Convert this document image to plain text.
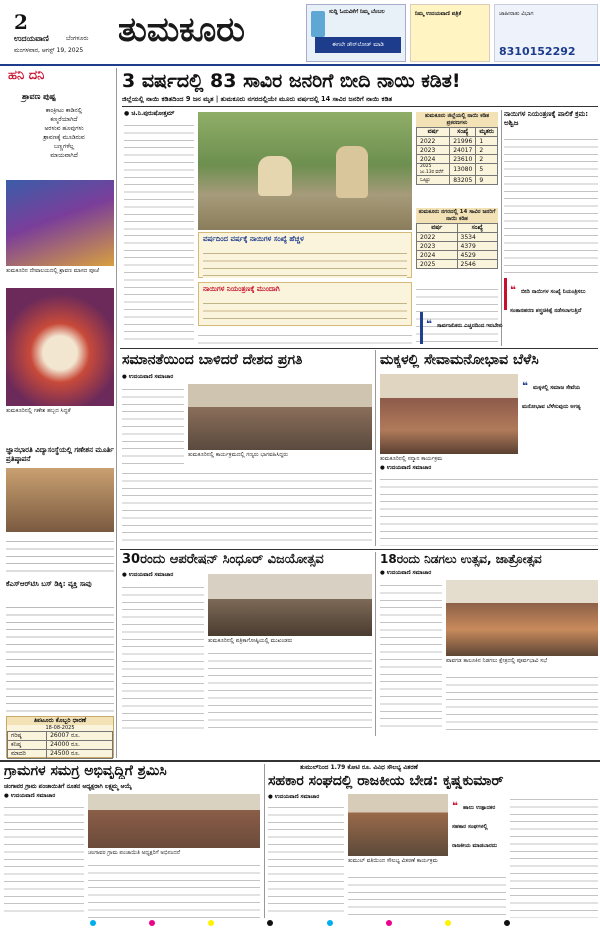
2
ಉದಯವಾಣಿ	ಬೆಂಗಳೂರು
ಮಂಗಳವಾರ, ಆಗಸ್ಟ್ 19, 2025
ತುಮಕೂರು	ಸುದ್ದಿ ಓದುವಿಕೆಗೆ ನಿಮ್ಮ ಬೆಂಬಲ
ಈಗಲೇ ಡೌನ್‌ಲೋಡ್ ಮಾಡಿ
ನಿಮ್ಮ ಉದಯವಾಣಿ ಪತ್ರಿಕೆ	ಜಾಹೀರಾತು ವಿಭಾಗ
8310152292
ಹನಿ ದನಿ
ಶ್ರಾವಣ ಪುಷ್ಪ
ಕಾಂಕ್ರೀಟು ಕಾಡಿನಲ್ಲಿ
ಕಣ್ಮರೆಯಾಗಿದೆ
ಅರಳುವ ಹೂವುಗಳು
ಶ್ರಾವಣಕ್ಕೆ ಮೂಡಿರುವ
ಬಣ್ಣಗಳೆಲ್ಲ
ಮಾಯವಾಗಿದೆ
ತುಮಕೂರಿನ ದೇವಾಲಯದಲ್ಲಿ ಶ್ರಾವಣ ಮಾಸದ ಪೂಜೆ
ತುಮಕೂರಿನಲ್ಲಿ ಗಣೇಶ ಹಬ್ಬದ ಸಿದ್ಧತೆ
ಜ್ಞಾನಭಾರತಿ ವಿದ್ಯಾಸಂಸ್ಥೆಯಲ್ಲಿ ಗಣೇಶನ ಮೂರ್ತಿ ಪ್ರತಿಷ್ಠಾಪನೆ
ಕೆಎಸ್‌ಆರ್‌ಟಿಸಿ ಬಸ್ ಡಿಕ್ಕಿ: ವ್ಯಕ್ತಿ ಸಾವು
ತಿಪಟೂರು ಕೊಬ್ಬರಿ ಧಾರಣೆ
18-08-2025
ಗರಿಷ್ಠ	26007 ರೂ.
ಕನಿಷ್ಠ	24000 ರೂ.
ಮಾದರಿ	24500 ರೂ.
3 ವರ್ಷದಲ್ಲಿ 83 ಸಾವಿರ ಜನರಿಗೆ ಬೀದಿ ನಾಯಿ ಕಡಿತ!
ಜಿಲ್ಲೆಯಲ್ಲಿ ನಾಯಿ ಕಡಿತದಿಂದ 9 ಜನ ಮೃತ | ತುಮಕೂರು ನಗರದಲ್ಲಿಯೇ ಮೂರು ವರ್ಷದಲ್ಲಿ 14 ಸಾವಿರ ಜನರಿಗೆ ನಾಯಿ ಕಡಿತ
● ಚಿ.ನಿ.ಪುರುಷೋತ್ತಮ್
ವರ್ಷದಿಂದ ವರ್ಷಕ್ಕೆ ನಾಯಿಗಳ ಸಂಖ್ಯೆ ಹೆಚ್ಚಳ
ನಾಯಿಗಳ ನಿಯಂತ್ರಣಕ್ಕೆ ಮುಂದಾಗಿ
ತುಮಕೂರು ಜಿಲ್ಲೆಯಲ್ಲಿ ನಾಯಿ ಕಡಿತ ಪ್ರಕರಣಗಳು
ವರ್ಷ	ಸಂಖ್ಯೆ	ಮೃತರು
2022	21996	1
2023	24017	2
2024	23610	2
2025 ಜು.13ರ ವರೆಗೆ	13080	5
ಒಟ್ಟು	83205	9
ತುಮಕೂರು ನಗರದಲ್ಲಿ 14 ಸಾವಿರ ಜನರಿಗೆ ನಾಯಿ ಕಡಿತ
ವರ್ಷ	ಸಂಖ್ಯೆ
2022	3534
2023	4379
2024	4529
2025	2546
ನಾಯಿಗಳ ನಿಯಂತ್ರಣಕ್ಕೆ ಪಾಲಿಕೆ ಕ್ರಮ: ಅಶ್ವಿಜ
❝ ಬೀದಿ ನಾಯಿಗಳ ಸಂಖ್ಯೆ ನಿಯಂತ್ರಿಸಲು ಸಂತಾನಹರಣ ಶಸ್ತ್ರಚಿಕಿತ್ಸೆ ನಡೆಸಲಾಗುತ್ತಿದೆ
❝ ಸಾರ್ವಜನಿಕರು ಎಚ್ಚರದಿಂದ ಇರಬೇಕು
ಸಮಾನತೆಯಿಂದ ಬಾಳಿದರೆ ದೇಶದ ಪ್ರಗತಿ
● ಉದಯವಾಣಿ ಸಮಾಚಾರ
ತುಮಕೂರಿನಲ್ಲಿ ಕಾರ್ಯಕ್ರಮದಲ್ಲಿ ಗಣ್ಯರು ಭಾಗವಹಿಸಿದ್ದರು
ಮಕ್ಕಳಲ್ಲಿ ಸೇವಾಮನೋಭಾವ ಬೆಳೆಸಿ
❝ ಮಕ್ಕಳಲ್ಲಿ ಸಮಾಜ ಸೇವೆಯ ಮನೋಭಾವ ಬೆಳೆಸುವುದು ಅಗತ್ಯ
ತುಮಕೂರಿನಲ್ಲಿ ಸನ್ಮಾನ ಕಾರ್ಯಕ್ರಮ
● ಉದಯವಾಣಿ ಸಮಾಚಾರ
30ರಂದು ಆಪರೇಷನ್ ಸಿಂಧೂರ್ ವಿಜಯೋತ್ಸವ
● ಉದಯವಾಣಿ ಸಮಾಚಾರ
ತುಮಕೂರಿನಲ್ಲಿ ಪತ್ರಿಕಾಗೋಷ್ಠಿಯಲ್ಲಿ ಮುಖಂಡರು
18ರಂದು ನಿಡಗಲು ಉತ್ಸವ, ಜಾತ್ರೋತ್ಸವ
● ಉದಯವಾಣಿ ಸಮಾಚಾರ
ಪಾವಗಡ ತಾಲೂಕಿನ ನಿಡಗಲು ಕ್ಷೇತ್ರದಲ್ಲಿ ಪೂರ್ವಭಾವಿ ಸಭೆ
ಗ್ರಾಮಗಳ ಸಮಗ್ರ ಅಭಿವೃದ್ಧಿಗೆ ಶ್ರಮಿಸಿ
ಚಂಗಾವರ ಗ್ರಾಮ ಪಂಚಾಯಿತಿಗೆ ನೂತನ ಅಧ್ಯಕ್ಷರಾಗಿ ಲಕ್ಷ್ಮಮ್ಮ ಆಯ್ಕೆ
● ಉದಯವಾಣಿ ಸಮಾಚಾರ
ಚಂಗಾವರ ಗ್ರಾಮ ಪಂಚಾಯಿತಿ ಅಧ್ಯಕ್ಷರಿಗೆ ಅಭಿನಂದನೆ
ತುಮುಲ್‌ನಿಂದ 1.79 ಕೋಟಿ ರೂ. ವಿವಿಧ ಸೌಲಭ್ಯ ವಿತರಣೆ
ಸಹಕಾರ ಸಂಘದಲ್ಲಿ ರಾಜಕೀಯ ಬೇಡ: ಕೃಷ್ಣಕುಮಾರ್
● ಉದಯವಾಣಿ ಸಮಾಚಾರ
ತುಮುಲ್ ವತಿಯಿಂದ ಸೌಲಭ್ಯ ವಿತರಣೆ ಕಾರ್ಯಕ್ರಮ
❝ ಹಾಲು ಉತ್ಪಾದಕರ ಸಹಕಾರ ಸಂಘಗಳಲ್ಲಿ ರಾಜಕೀಯ ಮಾಡಬಾರದು
